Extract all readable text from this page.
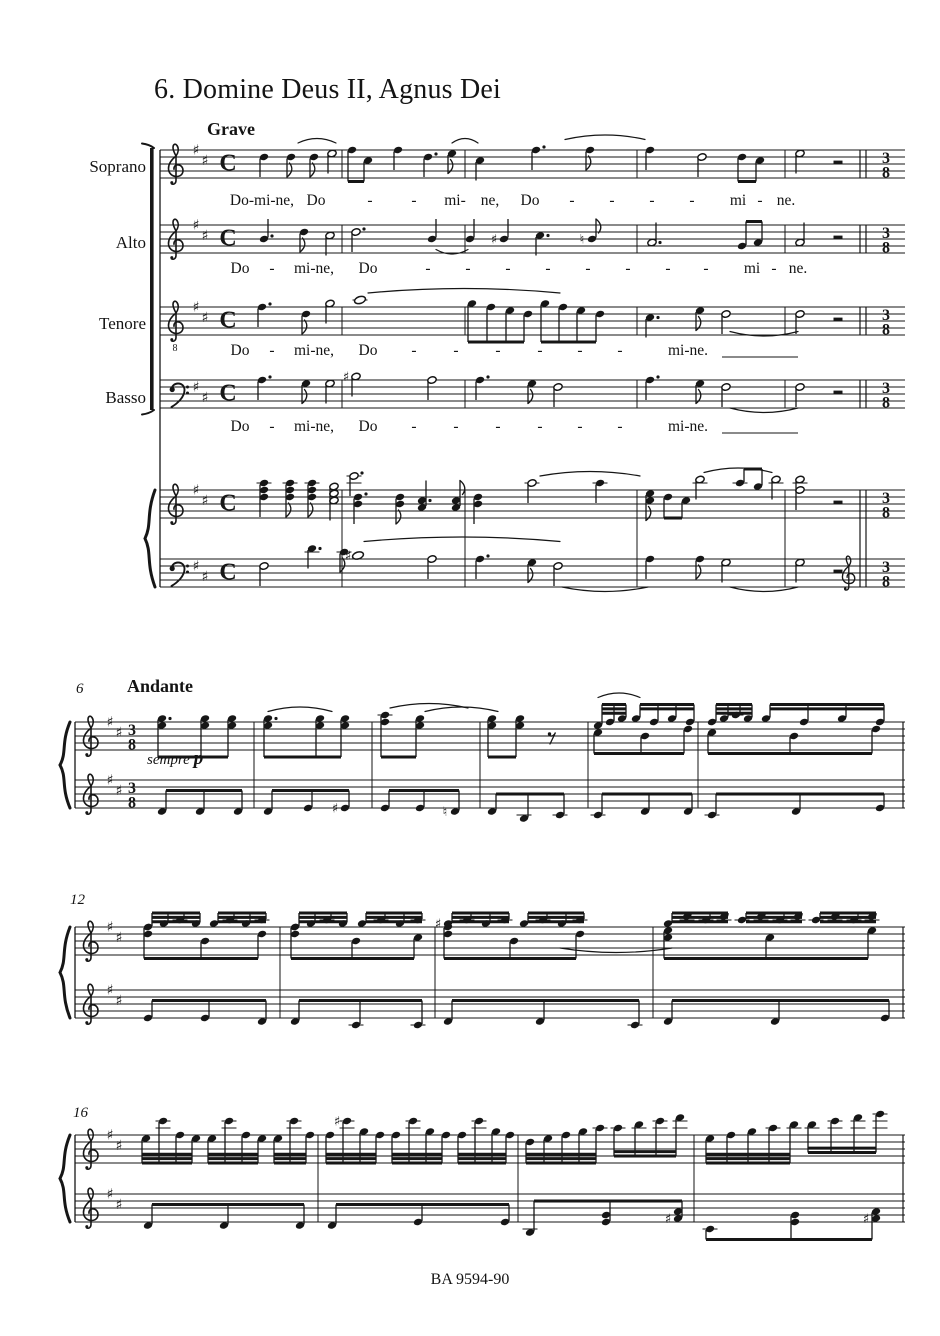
♯
♯ C	3
8
♯
♯ C	3
8
♯	♮
8
♯
♯ C	3
8
♯
♯ C	3
8
♯
♯
♯ C	3
8
♯
♯ C	3
8
♯
♯
♯ 3
8
♯
♯ 3
8	♯	♮
♯
♯
♯
♯
♯
♯
♯
♯
♯
♯
♯	♯
6. Domine Deus II, Agnus Dei
Grave
Soprano
Alto
Tenore
Basso
6 Andante
sempre p
12
16
Do-mi-ne, Do	-	-	mi- ne,	Do	-	-	-	-	mi - ne.
Do	-	mi-ne,	Do	-	-	-	-	-	-	-	-	mi - ne.
Do	-	mi-ne,	Do	-	-	-	-	-	-	mi-ne.
Do	-	mi-ne,	Do	-	-	-	-	-	-	mi-ne.
BA 9594-90
